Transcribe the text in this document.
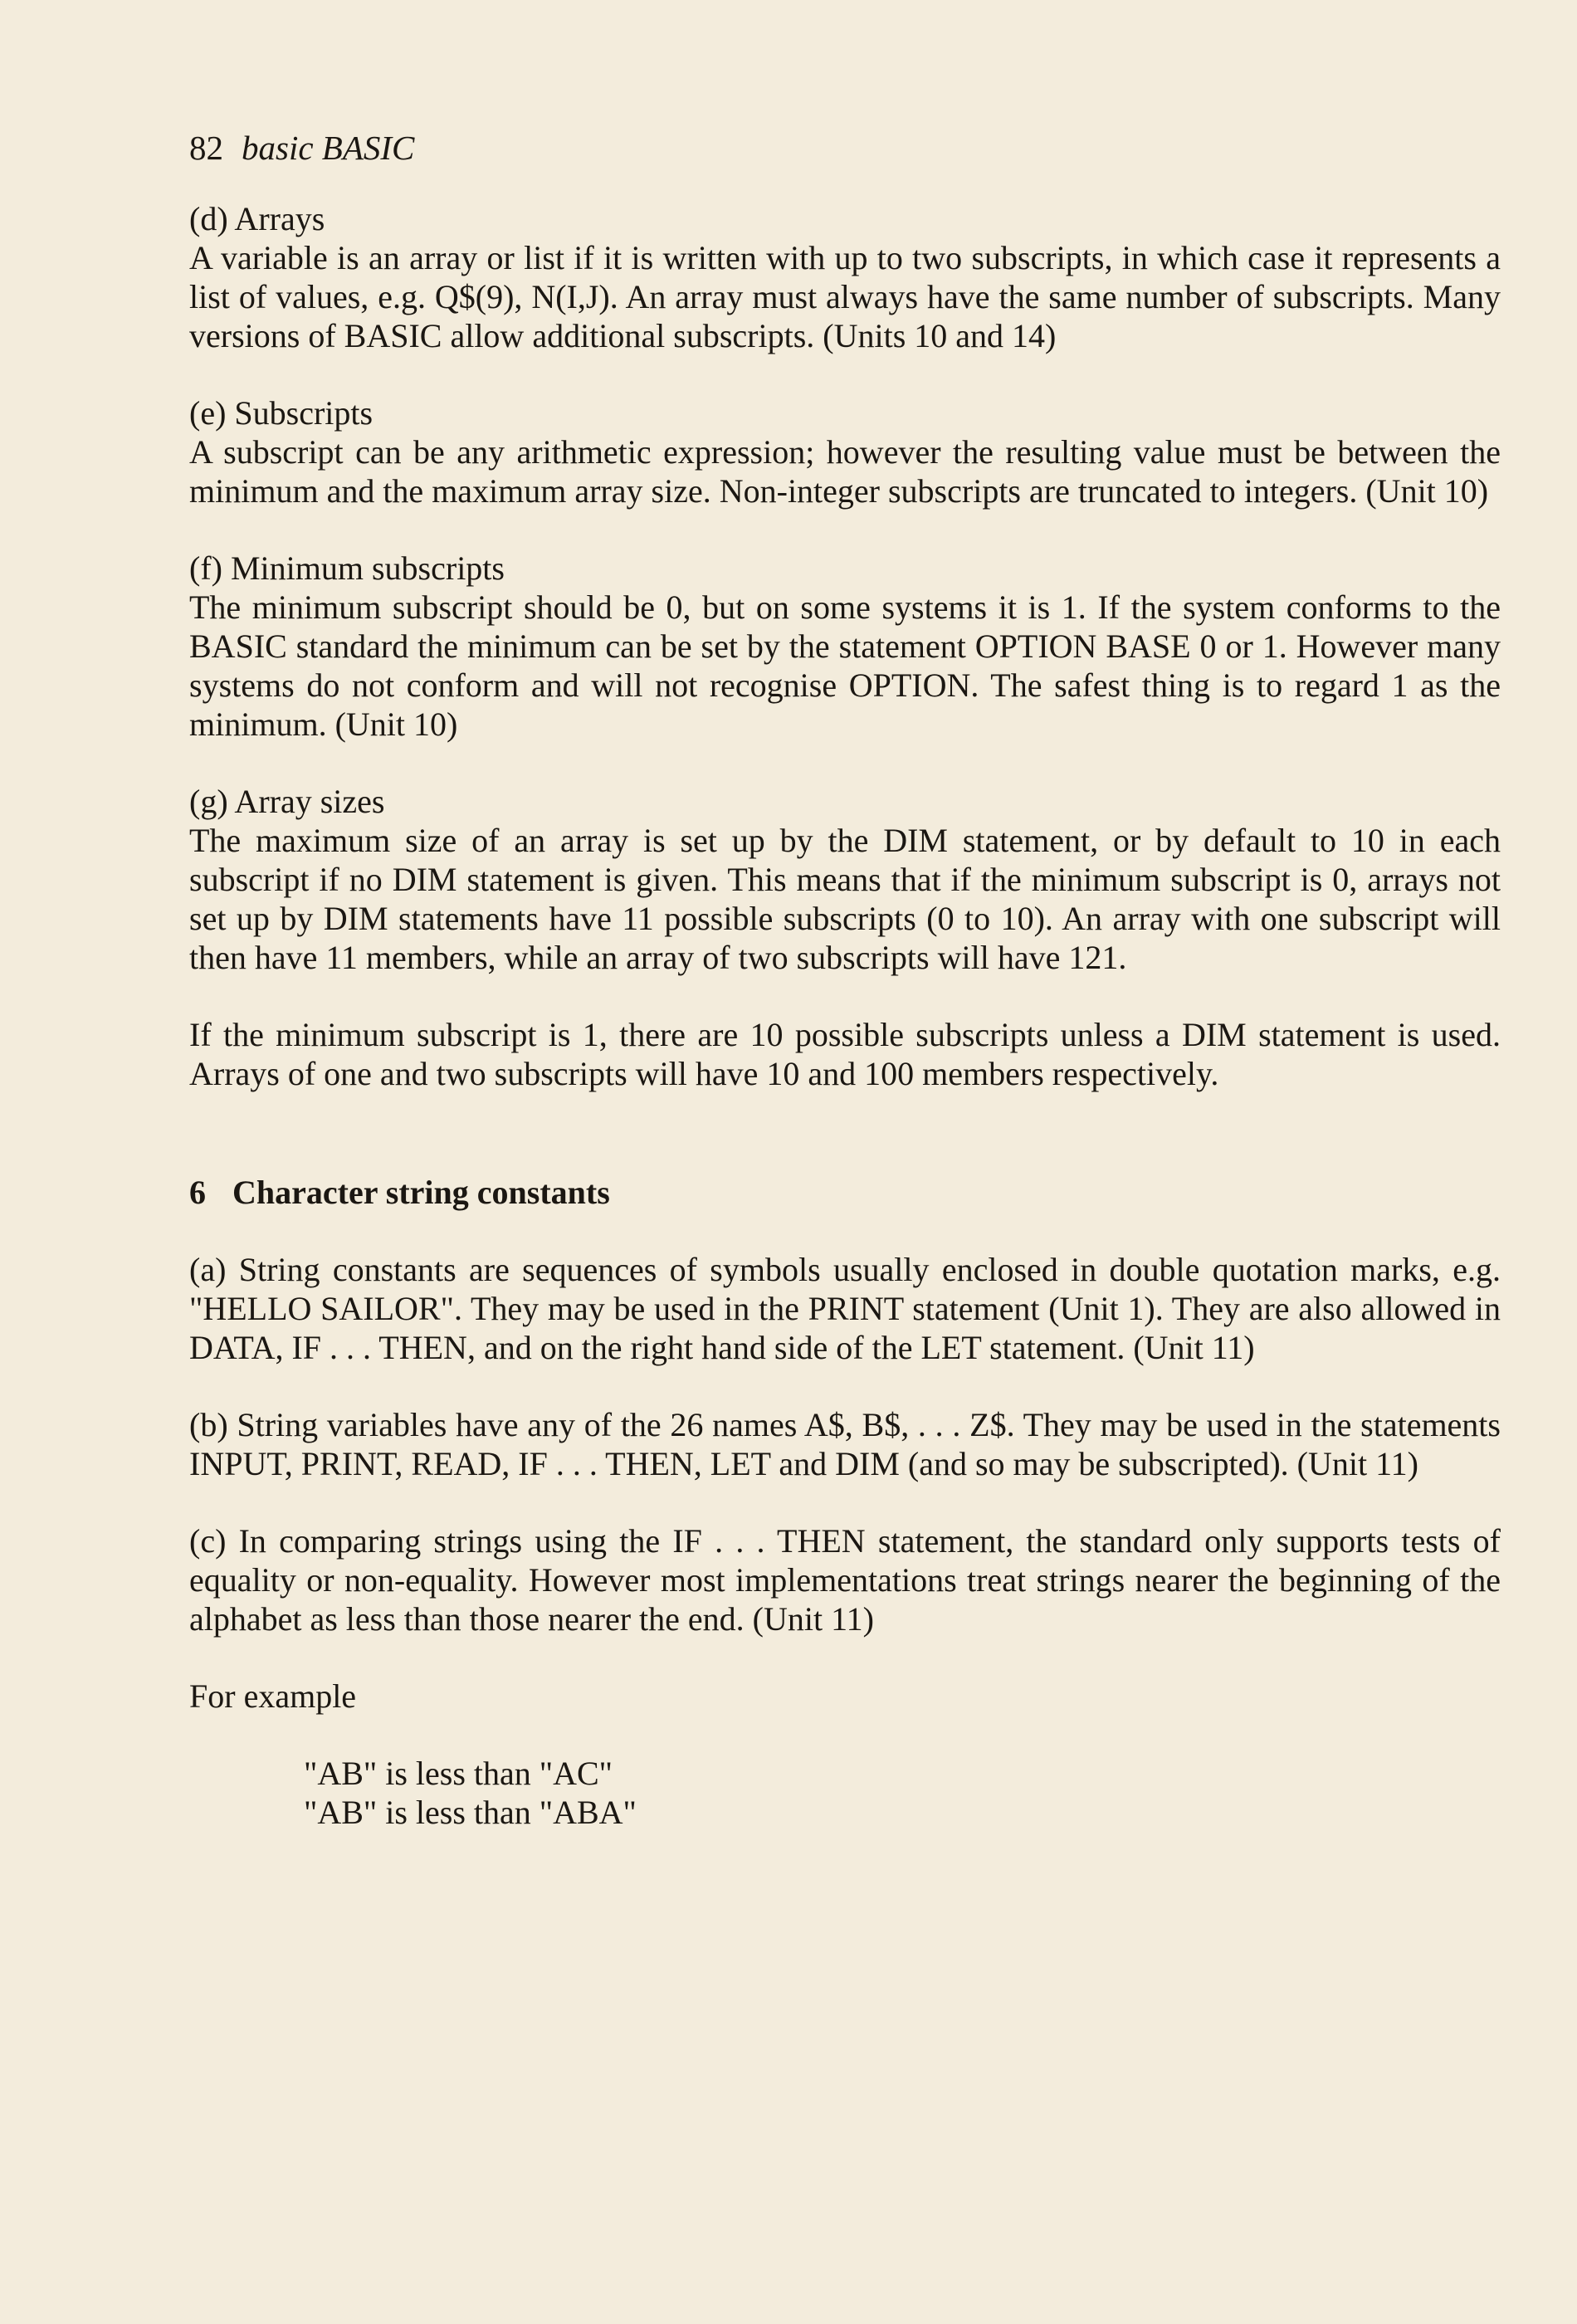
82 basic BASIC
(d) Arrays
A variable is an array or list if it is written with up to two subscripts, in which case it represents a list of values, e.g. Q$(9), N(I,J). An array must always have the same number of subscripts. Many versions of BASIC allow additional subscripts. (Units 10 and 14)
(e) Subscripts
A subscript can be any arithmetic expression; however the resulting value must be between the minimum and the maximum array size. Non-integer subscripts are truncated to integers. (Unit 10)
(f) Minimum subscripts
The minimum subscript should be 0, but on some systems it is 1. If the system conforms to the BASIC standard the minimum can be set by the statement OPTION BASE 0 or 1. However many systems do not conform and will not recognise OPTION. The safest thing is to regard 1 as the minimum. (Unit 10)
(g) Array sizes
The maximum size of an array is set up by the DIM statement, or by default to 10 in each subscript if no DIM statement is given. This means that if the minimum subscript is 0, arrays not set up by DIM statements have 11 possible subscripts (0 to 10). An array with one subscript will then have 11 members, while an array of two subscripts will have 121.
If the minimum subscript is 1, there are 10 possible subscripts unless a DIM statement is used. Arrays of one and two subscripts will have 10 and 100 members respectively.
6 Character string constants
(a) String constants are sequences of symbols usually enclosed in double quotation marks, e.g. "HELLO SAILOR". They may be used in the PRINT statement (Unit 1). They are also allowed in DATA, IF . . . THEN, and on the right hand side of the LET statement. (Unit 11)
(b) String variables have any of the 26 names A$, B$, . . . Z$. They may be used in the statements INPUT, PRINT, READ, IF . . . THEN, LET and DIM (and so may be subscripted). (Unit 11)
(c) In comparing strings using the IF . . . THEN statement, the standard only supports tests of equality or non-equality. However most implementations treat strings nearer the beginning of the alphabet as less than those nearer the end. (Unit 11)
For example
"AB" is less than "AC"
"AB" is less than "ABA"
